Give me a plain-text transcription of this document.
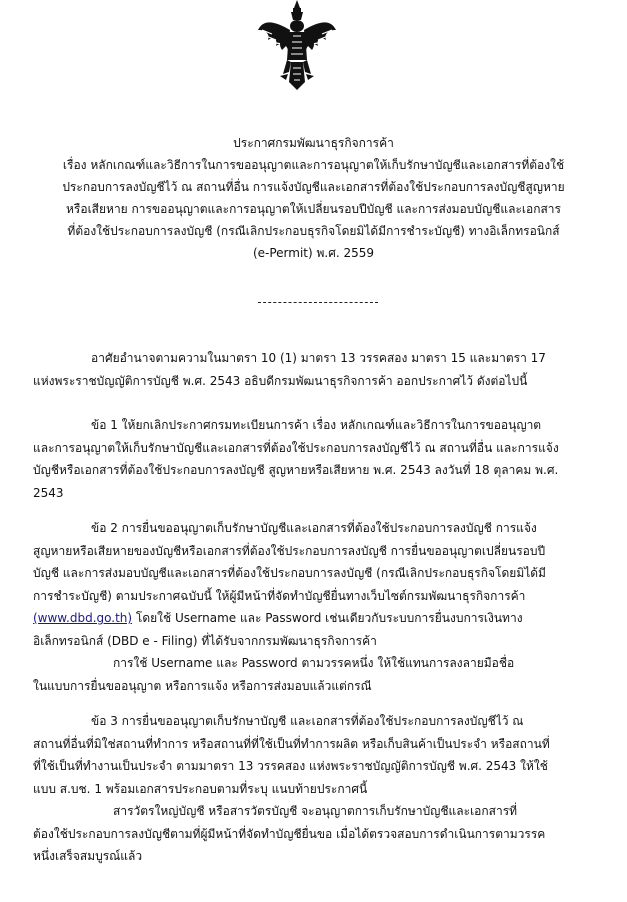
ประกาศกรมพัฒนาธุรกิจการค้า
เรื่อง หลักเกณฑ์และวิธีการในการขออนุญาตและการอนุญาตให้เก็บรักษาบัญชีและเอกสารที่ต้องใช้
ประกอบการลงบัญชีไว้ ณ สถานที่อื่น การแจ้งบัญชีและเอกสารที่ต้องใช้ประกอบการลงบัญชีสูญหาย
หรือเสียหาย การขออนุญาตและการอนุญาตให้เปลี่ยนรอบปีบัญชี และการส่งมอบบัญชีและเอกสาร
ที่ต้องใช้ประกอบการลงบัญชี (กรณีเลิกประกอบธุรกิจโดยมิได้มีการชำระบัญชี) ทางอิเล็กทรอนิกส์
(e-Permit) พ.ศ. 2559
อาศัยอำนาจตามความในมาตรา 10 (1) มาตรา 13 วรรคสอง มาตรา 15 และมาตรา 17
แห่งพระราชบัญญัติการบัญชี พ.ศ. 2543 อธิบดีกรมพัฒนาธุรกิจการค้า ออกประกาศไว้ ดังต่อไปนี้
ข้อ 1 ให้ยกเลิกประกาศกรมทะเบียนการค้า เรื่อง หลักเกณฑ์และวิธีการในการขออนุญาต
และการอนุญาตให้เก็บรักษาบัญชีและเอกสารที่ต้องใช้ประกอบการลงบัญชีไว้ ณ สถานที่อื่น และการแจ้ง
บัญชีหรือเอกสารที่ต้องใช้ประกอบการลงบัญชี สูญหายหรือเสียหาย พ.ศ. 2543 ลงวันที่ 18 ตุลาคม พ.ศ.
2543
ข้อ 2 การยื่นขออนุญาตเก็บรักษาบัญชีและเอกสารที่ต้องใช้ประกอบการลงบัญชี การแจ้ง
สูญหายหรือเสียหายของบัญชีหรือเอกสารที่ต้องใช้ประกอบการลงบัญชี การยื่นขออนุญาตเปลี่ยนรอบปี
บัญชี และการส่งมอบบัญชีและเอกสารที่ต้องใช้ประกอบการลงบัญชี (กรณีเลิกประกอบธุรกิจโดยมิได้มี
การชำระบัญชี) ตามประกาศฉบับนี้ ให้ผู้มีหน้าที่จัดทำบัญชียื่นทางเว็บไซต์กรมพัฒนาธุรกิจการค้า
(www.dbd.go.th) โดยใช้ Username และ Password เช่นเดียวกับระบบการยื่นงบการเงินทาง
อิเล็กทรอนิกส์ (DBD e - Filing) ที่ได้รับจากกรมพัฒนาธุรกิจการค้า
การใช้ Username และ Password ตามวรรคหนึ่ง ให้ใช้แทนการลงลายมือชื่อ
ในแบบการยื่นขออนุญาต หรือการแจ้ง หรือการส่งมอบแล้วแต่กรณี
ข้อ 3 การยื่นขออนุญาตเก็บรักษาบัญชี และเอกสารที่ต้องใช้ประกอบการลงบัญชีไว้ ณ
สถานที่อื่นที่มิใช่สถานที่ทำการ หรือสถานที่ที่ใช้เป็นที่ทำการผลิต หรือเก็บสินค้าเป็นประจำ หรือสถานที่
ที่ใช้เป็นที่ทำงานเป็นประจำ ตามมาตรา 13 วรรคสอง แห่งพระราชบัญญัติการบัญชี พ.ศ. 2543 ให้ใช้
แบบ ส.บช. 1 พร้อมเอกสารประกอบตามที่ระบุ แนบท้ายประกาศนี้
สารวัตรใหญ่บัญชี หรือสารวัตรบัญชี จะอนุญาตการเก็บรักษาบัญชีและเอกสารที่
ต้องใช้ประกอบการลงบัญชีตามที่ผู้มีหน้าที่จัดทำบัญชียื่นขอ เมื่อได้ตรวจสอบการดำเนินการตามวรรค
หนึ่งเสร็จสมบูรณ์แล้ว
